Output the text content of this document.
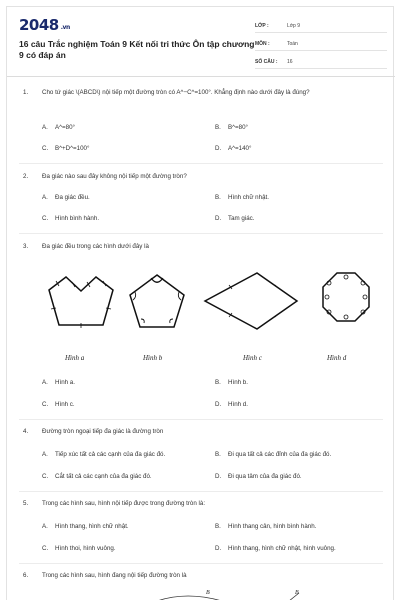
2048 .vn
16 câu Trắc nghiệm Toán 9 Kết nối tri thức Ôn tập chương 9 có đáp án
LỚP :	Lớp 9
MÔN :	Toán
SỐ CÂU :	16
1.	Cho tứ giác \(ABCD\) nội tiếp một đường tròn có A^−C^=100°. Khẳng định nào dưới đây là đúng?
A.	A^=80°	B.	B^=80°
C.	B^+D^=100°	D.	A^=140°
2.	Đa giác nào sau đây không nội tiếp một đường tròn?
A.	Đa giác đều.	B.	Hình chữ nhật.
C.	Hình bình hành.	D.	Tam giác.
3.	Đa giác đều trong các hình dưới đây là
Hình a	Hình b	Hình c	Hình d
A.	Hình a.	B.	Hình b.
C.	Hình c.	D.	Hình d.
4.	Đường tròn ngoại tiếp đa giác là đường tròn
A.	Tiếp xúc tất cả các cạnh của đa giác đó.	B.	Đi qua tất cả các đỉnh của đa giác đó.
C.	Cắt tất cả các cạnh của đa giác đó.	D.	Đi qua tâm của đa giác đó.
5.	Trong các hình sau, hình nội tiếp được trong đường tròn là:
A.	Hình thang, hình chữ nhật.	B.	Hình thang cân, hình bình hành.
C.	Hình thoi, hình vuông.	D.	Hình thang, hình chữ nhật, hình vuông.
6.	Trong các hình sau, hình đang nội tiếp đường tròn là
B	B
